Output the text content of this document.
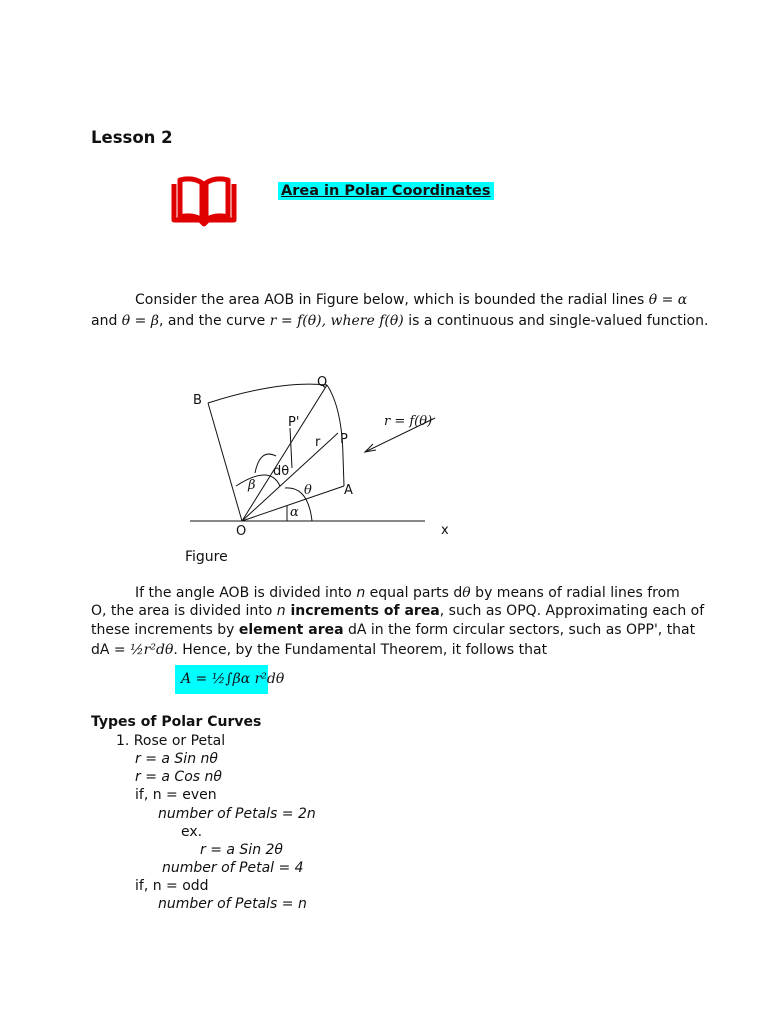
Lesson 2
Area in Polar Coordinates
Consider the area AOB in Figure below, which is bounded the radial lines θ = α
and θ = β, and the curve r = f(θ), where f(θ) is a continuous and single-valued function.
B
Q
P'
r P
r = f(θ)
dθ
β	θ A
α
O	x
Figure
If the angle AOB is divided into n equal parts dθ by means of radial lines from
O, the area is divided into n increments of area, such as OPQ. Approximating each of
these increments by element area dA in the form circular sectors, such as OPP', that
dA = ½r²dθ. Hence, by the Fundamental Theorem, it follows that
A = ½∫βα r²dθ
Types of Polar Curves
1. Rose or Petal
r = a Sin nθ
r = a Cos nθ
if, n = even
number of Petals = 2n
ex.
r = a Sin 2θ
number of Petal = 4
if, n = odd
number of Petals = n
